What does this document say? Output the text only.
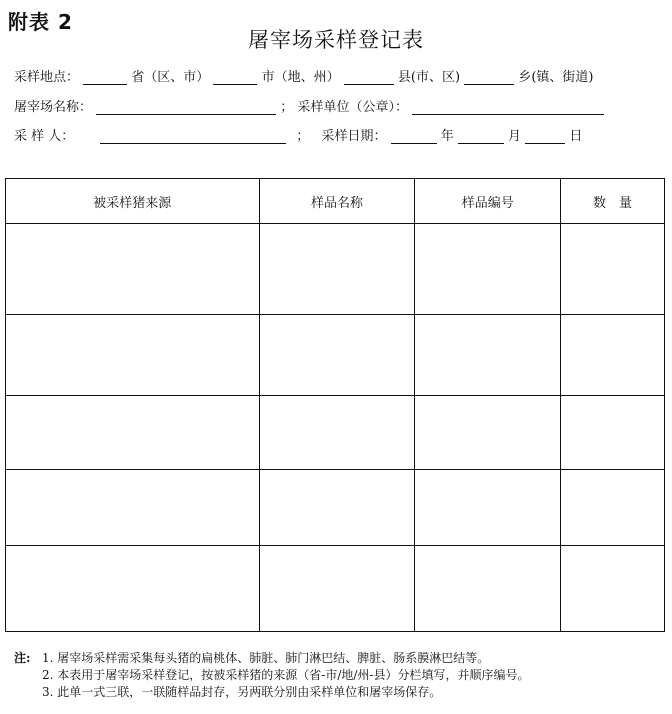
附表 2
屠宰场采样登记表
采样地点：	省（区、市）	市（地、州）	县(市、区)	乡(镇、街道)
屠宰场名称：	； 采样单位（公章）：
采 样 人：	； 采样日期：	年	月	日
被采样猪来源	样品名称	样品编号	数　量

注: 1. 屠宰场采样需采集每头猪的扁桃体、肺脏、肺门淋巴结、脾脏、肠系膜淋巴结等。
2. 本表用于屠宰场采样登记，按被采样猪的来源（省-市/地/州-县）分栏填写，并顺序编号。
3. 此单一式三联，一联随样品封存，另两联分别由采样单位和屠宰场保存。
